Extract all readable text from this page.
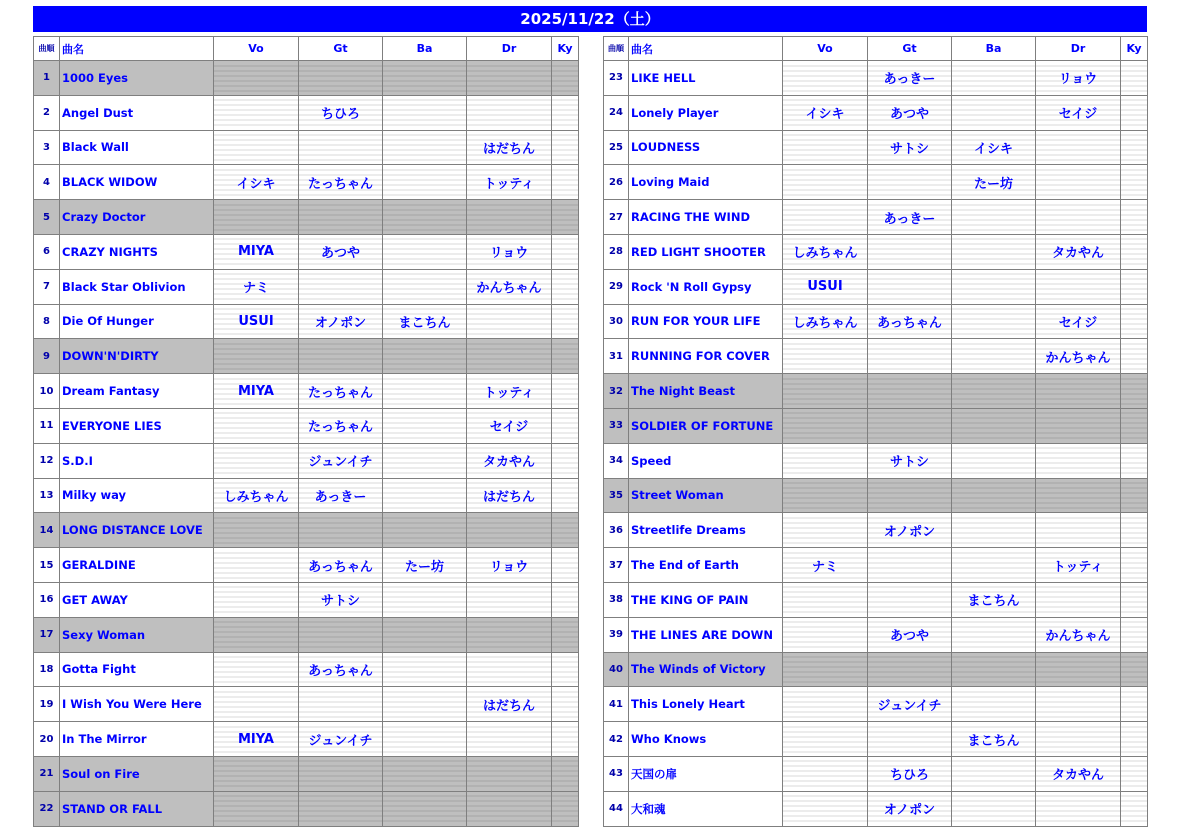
2025/11/22（土）
曲順	曲名	Vo	Gt	Ba	Dr	Ky
1	1000 Eyes					
2	Angel Dust		ちひろ			
3	Black Wall				はだちん	
4	BLACK WIDOW	イシキ	たっちゃん		トッティ	
5	Crazy Doctor					
6	CRAZY NIGHTS	MIYA	あつや		リョウ	
7	Black Star Oblivion	ナミ			かんちゃん	
8	Die Of Hunger	USUI	オノポン	まこちん		
9	DOWN'N'DIRTY					
10	Dream Fantasy	MIYA	たっちゃん		トッティ	
11	EVERYONE LIES		たっちゃん		セイジ	
12	S.D.I		ジュンイチ		タカやん	
13	Milky way	しみちゃん	あっきー		はだちん	
14	LONG DISTANCE LOVE					
15	GERALDINE		あっちゃん	たー坊	リョウ	
16	GET AWAY		サトシ			
17	Sexy Woman					
18	Gotta Fight		あっちゃん			
19	I Wish You Were Here				はだちん	
20	In The Mirror	MIYA	ジュンイチ			
21	Soul on Fire					
22	STAND OR FALL					
曲順	曲名	Vo	Gt	Ba	Dr	Ky
23	LIKE HELL		あっきー		リョウ	
24	Lonely Player	イシキ	あつや		セイジ	
25	LOUDNESS		サトシ	イシキ		
26	Loving Maid			たー坊		
27	RACING THE WIND		あっきー			
28	RED LIGHT SHOOTER	しみちゃん			タカやん	
29	Rock 'N Roll Gypsy	USUI				
30	RUN FOR YOUR LIFE	しみちゃん	あっちゃん		セイジ	
31	RUNNING FOR COVER				かんちゃん	
32	The Night Beast					
33	SOLDIER OF FORTUNE					
34	Speed		サトシ			
35	Street Woman					
36	Streetlife Dreams		オノポン			
37	The End of Earth	ナミ			トッティ	
38	THE KING OF PAIN			まこちん		
39	THE LINES ARE DOWN		あつや		かんちゃん	
40	The Winds of Victory					
41	This Lonely Heart		ジュンイチ			
42	Who Knows			まこちん		
43	天国の扉		ちひろ		タカやん	
44	大和魂		オノポン			
